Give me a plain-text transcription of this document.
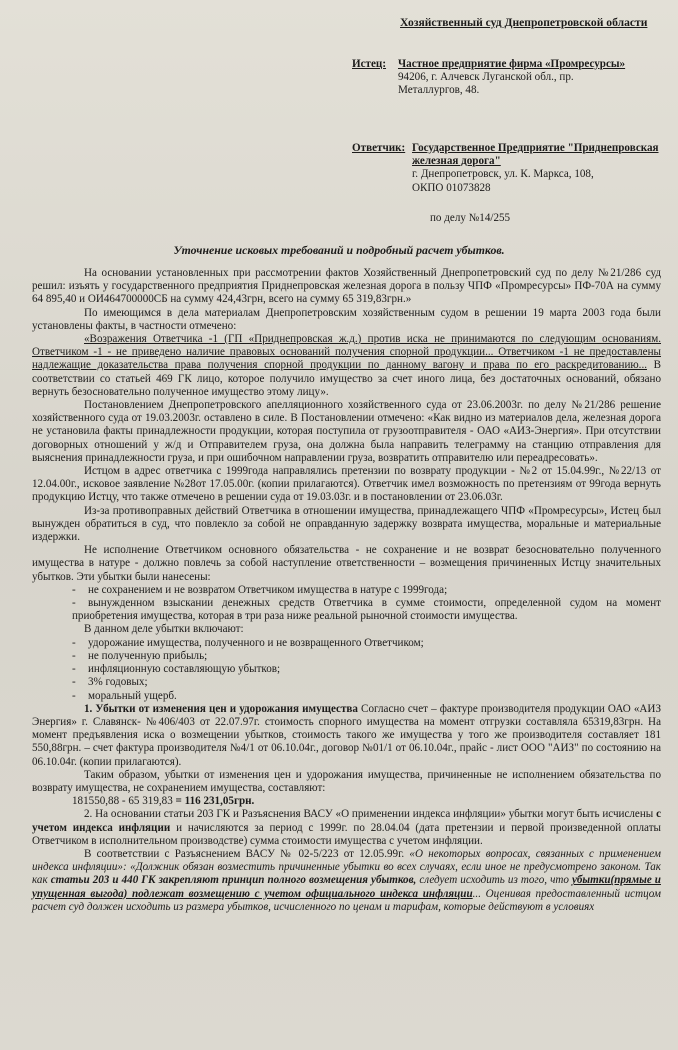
Хозяйственный суд Днепропетровской области
Истец: Частное предприятие фирма «Промресурсы»
94206, г. Алчевск Луганской обл., пр.
Металлургов, 48.
Ответчик: Государственное Предприятие "Приднепровская железная дорога"
г. Днепропетровск, ул. К. Маркса, 108,
ОКПО 01073828
по делу №14/255
Уточнение исковых требований и подробный расчет убытков.

На основании установленных при рассмотрении фактов Хозяйственный Днепропетровский суд по делу №21/286 суд решил: изъять у государственного предприятия Приднепровская железная дорога в пользу ЧПФ «Промресурсы» ПФ-70А на сумму 64 895,40 и ОИ464700000СБ на сумму 424,43грн, всего на сумму 65 319,83грн.»

По имеющимся в дела материалам Днепропетровским хозяйственным судом в решении 19 марта 2003 года были установлены факты, в частности отмечено:

«Возражения Ответчика -1 (ГП «Приднепровская ж.д.) против иска не принимаются по следующим основаниям. Ответчиком -1 - не приведено наличие правовых оснований получения спорной продукции... Ответчиком -1 не предоставлены надлежащие доказательства права получения спорной продукции по данному вагону и права по его раскредитованию... В соответствии со статьей 469 ГК лицо, которое получило имущество за счет иного лица, без достаточных оснований, обязано вернуть безосновательно полученное имущество этому лицу».

Постановлением Днепропетровского апелляционного хозяйственного суда от 23.06.2003г. по делу №21/286 решение хозяйственного суда от 19.03.2003г. оставлено в силе. В Постановлении отмечено: «Как видно из материалов дела, железная дорога не установила факты принадлежности продукции, которая поступила от грузоотправителя - ОАО «АИЗ-Энергия». При отсутствии договорных отношений у ж/д и Отправителем груза, она должна была направить телеграмму на станцию отправления для выяснения принадлежности груза, и при ошибочном направлении груза, возвратить отправителю или переадресовать».

Истцом в адрес ответчика с 1999года направлялись претензии по возврату продукции - №2 от 15.04.99г., №22/13 от 12.04.00г., исковое заявление №28от 17.05.00г. (копии прилагаются). Ответчик имел возможность по претензиям от 99года вернуть продукцию Истцу, что также отмечено в решении суда от 19.03.03г. и в постановлении от 23.06.03г.

Из-за противоправных действий Ответчика в отношении имущества, принадлежащего ЧПФ «Промресурсы», Истец был вынужден обратиться в суд, что повлекло за собой не оправданную задержку возврата имущества, моральные и материальные издержки.

Не исполнение Ответчиком основного обязательства - не сохранение и не возврат безосновательно полученного имущества в натуре - должно повлечь за собой наступление ответственности – возмещения причиненных Истцу значительных убытков. Эти убытки были нанесены:

- не сохранением и не возвратом Ответчиком имущества в натуре с 1999года;
- вынужденном взыскании денежных средств Ответчика в сумме стоимости, определенной судом на момент приобретения имущества, которая в три раза ниже реальной рыночной стоимости имущества.

В данном деле убытки включают:

- удорожание имущества, полученного и не возвращенного Ответчиком;
- не полученную прибыль;
- инфляционную составляющую убытков;
- 3% годовых;
- моральный ущерб.

1. Убытки от изменения цен и удорожания имущества Согласно счет – фактуре производителя продукции ОАО «АИЗ Энергия» г. Славянск- №406/403 от 22.07.97г. стоимость спорного имущества на момент отгрузки составляла 65319,83грн. На момент предъявления иска о возмещении убытков, стоимость такого же имущества у того же производителя составляет 181 550,88грн. – счет фактура производителя №4/1 от 06.10.04г., договор №01/1 от 06.10.04г., прайс - лист ООО "АИЗ" по состоянию на 06.10.04г. (копии прилагаются).

Таким образом, убытки от изменения цен и удорожания имущества, причиненные не исполнением обязательства по возврату имущества, не сохранением имущества, составляют:

181550,88 - 65 319,83 = 116 231,05грн.

2. На основании статьи 203 ГК и Разъяснения ВАСУ «О применении индекса инфляции» убытки могут быть исчислены с учетом индекса инфляции и начисляются за период с 1999г. по 28.04.04 (дата претензии и первой произведенной оплаты Ответчиком в исполнительном производстве) сумма стоимости имущества с учетом инфляции.

В соответствии с Разъяснением ВАСУ № 02-5/223 от 12.05.99г. «О некоторых вопросах, связанных с применением индекса инфляции»: «Должник обязан возместить причиненные убытки во всех случаях, если иное не предусмотрено законом. Так как статьи 203 и 440 ГК закрепляют принцип полного возмещения убытков, следует исходить из того, что убытки(прямые и упущенная выгода) подлежат возмещению с учетом официального индекса инфляции... Оценивая предоставленный истцом расчет суд должен исходить из размера убытков, исчисленного по ценам и тарифам, которые действуют в условиях
